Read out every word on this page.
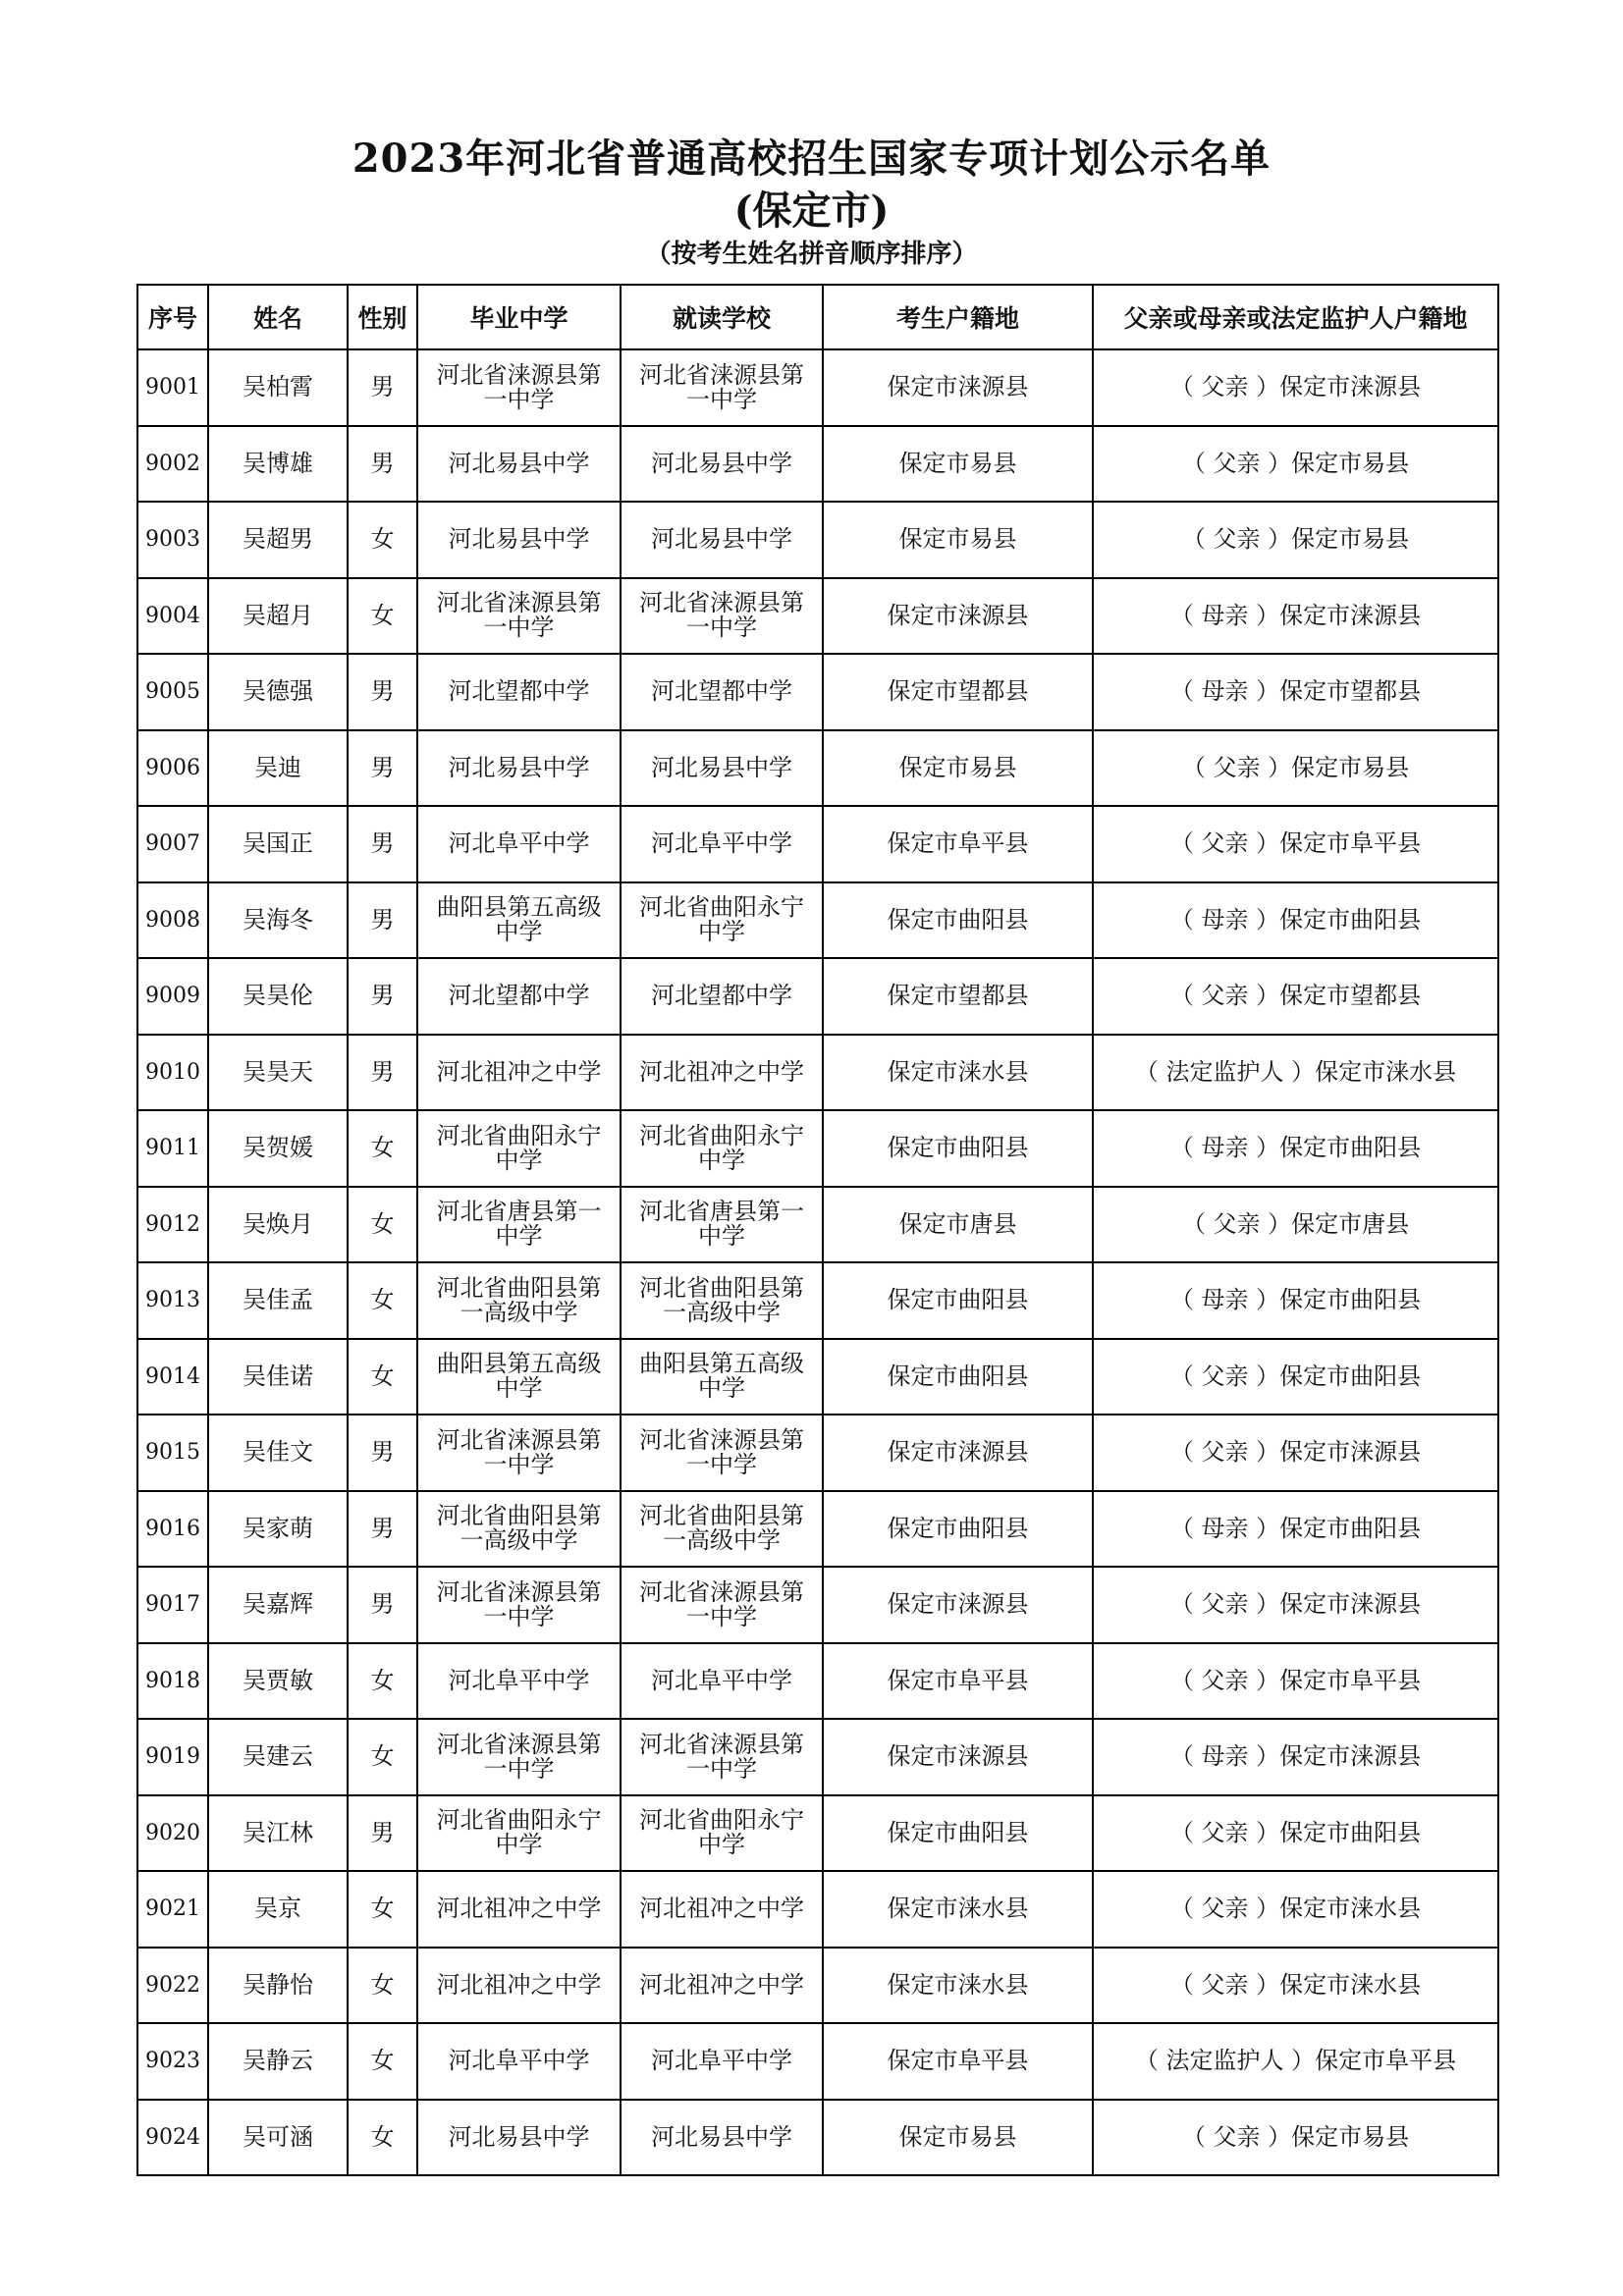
2023年河北省普通高校招生国家专项计划公示名单
(保定市)
（按考生姓名拼音顺序排序）
序号	姓名	性别	毕业中学	就读学校	考生户籍地	父亲或母亲或法定监护人户籍地
9001	吴柏霄	男	河北省涞源县第一中学	河北省涞源县第一中学	保定市涞源县	（ 父亲 ）保定市涞源县
9002	吴博雄	男	河北易县中学	河北易县中学	保定市易县	（ 父亲 ）保定市易县
9003	吴超男	女	河北易县中学	河北易县中学	保定市易县	（ 父亲 ）保定市易县
9004	吴超月	女	河北省涞源县第一中学	河北省涞源县第一中学	保定市涞源县	（ 母亲 ）保定市涞源县
9005	吴德强	男	河北望都中学	河北望都中学	保定市望都县	（ 母亲 ）保定市望都县
9006	吴迪	男	河北易县中学	河北易县中学	保定市易县	（ 父亲 ）保定市易县
9007	吴国正	男	河北阜平中学	河北阜平中学	保定市阜平县	（ 父亲 ）保定市阜平县
9008	吴海冬	男	曲阳县第五高级中学	河北省曲阳永宁中学	保定市曲阳县	（ 母亲 ）保定市曲阳县
9009	吴昊伦	男	河北望都中学	河北望都中学	保定市望都县	（ 父亲 ）保定市望都县
9010	吴昊天	男	河北祖冲之中学	河北祖冲之中学	保定市涞水县	（ 法定监护人 ）保定市涞水县
9011	吴贺媛	女	河北省曲阳永宁中学	河北省曲阳永宁中学	保定市曲阳县	（ 母亲 ）保定市曲阳县
9012	吴焕月	女	河北省唐县第一中学	河北省唐县第一中学	保定市唐县	（ 父亲 ）保定市唐县
9013	吴佳孟	女	河北省曲阳县第一高级中学	河北省曲阳县第一高级中学	保定市曲阳县	（ 母亲 ）保定市曲阳县
9014	吴佳诺	女	曲阳县第五高级中学	曲阳县第五高级中学	保定市曲阳县	（ 父亲 ）保定市曲阳县
9015	吴佳文	男	河北省涞源县第一中学	河北省涞源县第一中学	保定市涞源县	（ 父亲 ）保定市涞源县
9016	吴家萌	男	河北省曲阳县第一高级中学	河北省曲阳县第一高级中学	保定市曲阳县	（ 母亲 ）保定市曲阳县
9017	吴嘉辉	男	河北省涞源县第一中学	河北省涞源县第一中学	保定市涞源县	（ 父亲 ）保定市涞源县
9018	吴贾敏	女	河北阜平中学	河北阜平中学	保定市阜平县	（ 父亲 ）保定市阜平县
9019	吴建云	女	河北省涞源县第一中学	河北省涞源县第一中学	保定市涞源县	（ 母亲 ）保定市涞源县
9020	吴江林	男	河北省曲阳永宁中学	河北省曲阳永宁中学	保定市曲阳县	（ 父亲 ）保定市曲阳县
9021	吴京	女	河北祖冲之中学	河北祖冲之中学	保定市涞水县	（ 父亲 ）保定市涞水县
9022	吴静怡	女	河北祖冲之中学	河北祖冲之中学	保定市涞水县	（ 父亲 ）保定市涞水县
9023	吴静云	女	河北阜平中学	河北阜平中学	保定市阜平县	（ 法定监护人 ）保定市阜平县
9024	吴可涵	女	河北易县中学	河北易县中学	保定市易县	（ 父亲 ）保定市易县
